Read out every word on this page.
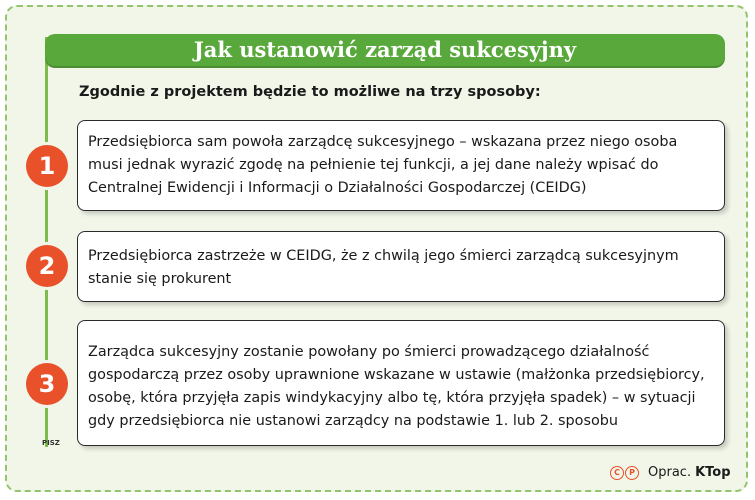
Jak ustanowić zarząd sukcesyjny
Zgodnie z projektem będzie to możliwe na trzy sposoby:
Przedsiębiorca sam powoła zarządcę sukcesyjnego – wskazana przez niego osoba musi jednak wyrazić zgodę na pełnienie tej funkcji, a jej dane należy wpisać do Centralnej Ewidencji i Informacji o Działalności Gospodarczej (CEIDG)
1
Przedsiębiorca zastrzeże w CEIDG, że z chwilą jego śmierci zarządcą sukcesyjnym stanie się prokurent
2
Zarządca sukcesyjny zostanie powołany po śmierci prowadzącego działalność gospodarczą przez osoby uprawnione wskazane w ustawie (małżonka przedsiębiorcy, osobę, która przyjęła zapis windykacyjny albo tę, która przyjęła spadek) – w sytuacji gdy przedsiębiorca nie ustanowi zarządcy na podstawie 1. lub 2. sposobu
3
PISZ
C	P	Oprac. KTop
